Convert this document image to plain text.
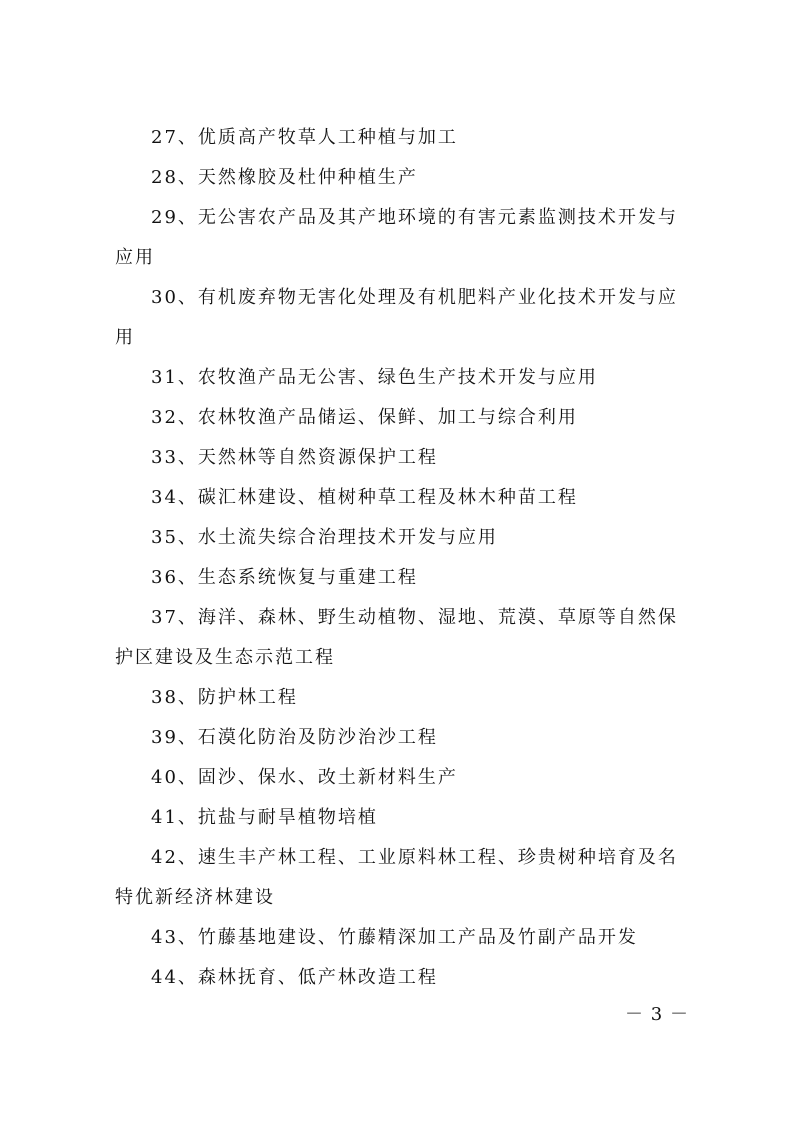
27、优质高产牧草人工种植与加工

28、天然橡胶及杜仲种植生产

29、无公害农产品及其产地环境的有害元素监测技术开发与应用

30、有机废弃物无害化处理及有机肥料产业化技术开发与应用

31、农牧渔产品无公害、绿色生产技术开发与应用

32、农林牧渔产品储运、保鲜、加工与综合利用

33、天然林等自然资源保护工程

34、碳汇林建设、植树种草工程及林木种苗工程

35、水土流失综合治理技术开发与应用

36、生态系统恢复与重建工程

37、海洋、森林、野生动植物、湿地、荒漠、草原等自然保护区建设及生态示范工程

38、防护林工程

39、石漠化防治及防沙治沙工程

40、固沙、保水、改土新材料生产

41、抗盐与耐旱植物培植

42、速生丰产林工程、工业原料林工程、珍贵树种培育及名特优新经济林建设

43、竹藤基地建设、竹藤精深加工产品及竹副产品开发

44、森林抚育、低产林改造工程

－ 3 －
